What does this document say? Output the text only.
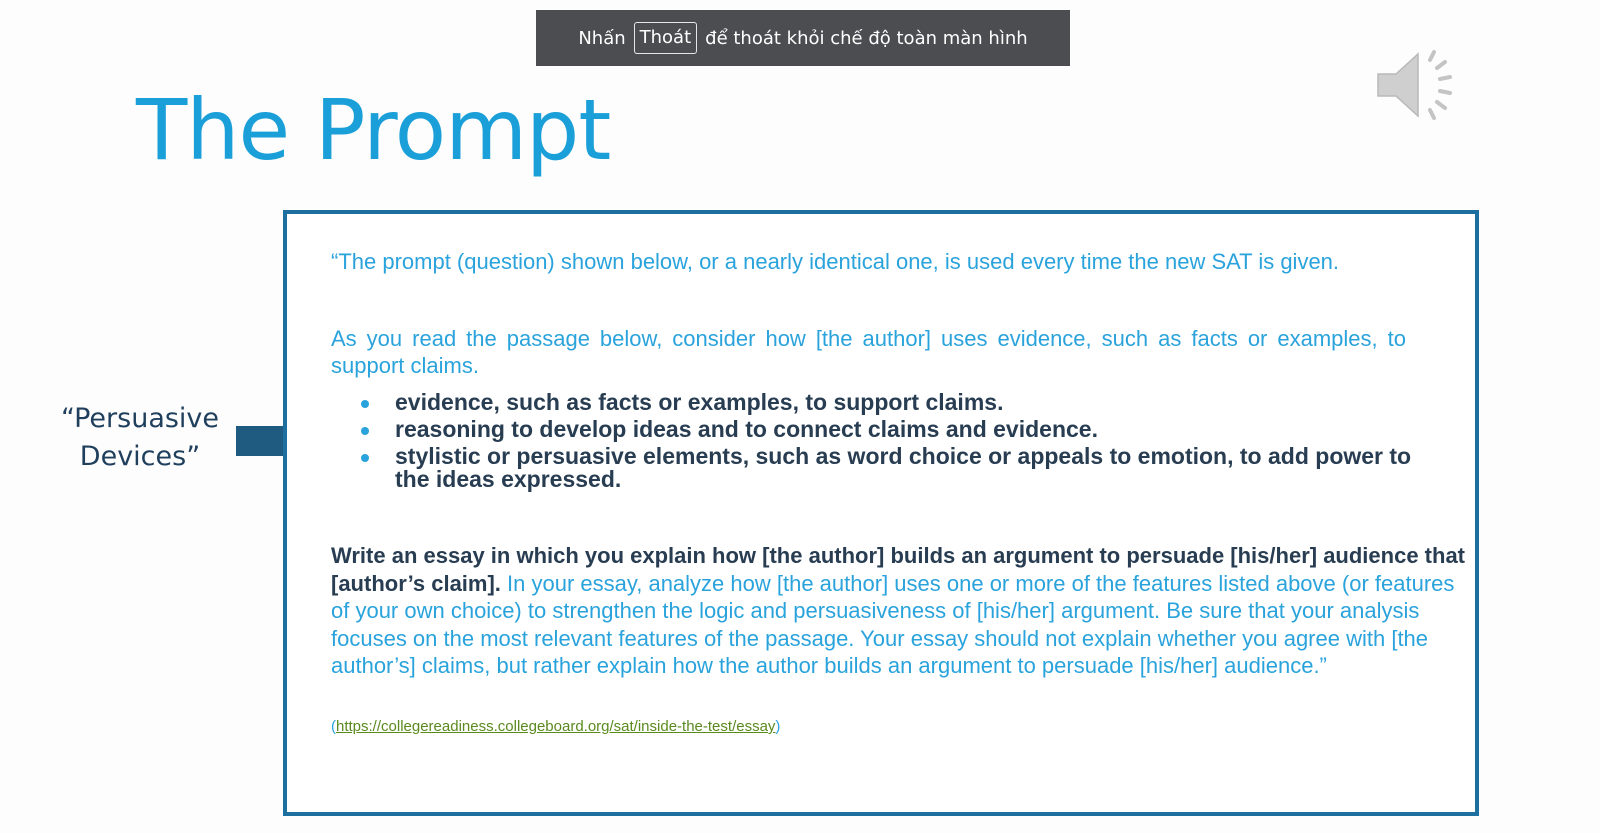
Nhấn Thoát để thoát khỏi chế độ toàn màn hình
The Prompt
“Persuasive
Devices”

“The prompt (question) shown below, or a nearly identical one, is used every time the new SAT is given.

As you read the passage below, consider how [the author] uses evidence, such as facts or examples, to support claims.

evidence, such as facts or examples, to support claims.
reasoning to develop ideas and to connect claims and evidence.
stylistic or persuasive elements, such as word choice or appeals to emotion, to add power to the ideas expressed.

Write an essay in which you explain how [the author] builds an argument to persuade [his/her] audience that [author’s claim]. In your essay, analyze how [the author] uses one or more of the features listed above (or features of your own choice) to strengthen the logic and persuasiveness of [his/her] argument. Be sure that your analysis focuses on the most relevant features of the passage. Your essay should not explain whether you agree with [the author’s] claims, but rather explain how the author builds an argument to persuade [his/her] audience.”

(https://collegereadiness.collegeboard.org/sat/inside-the-test/essay)
